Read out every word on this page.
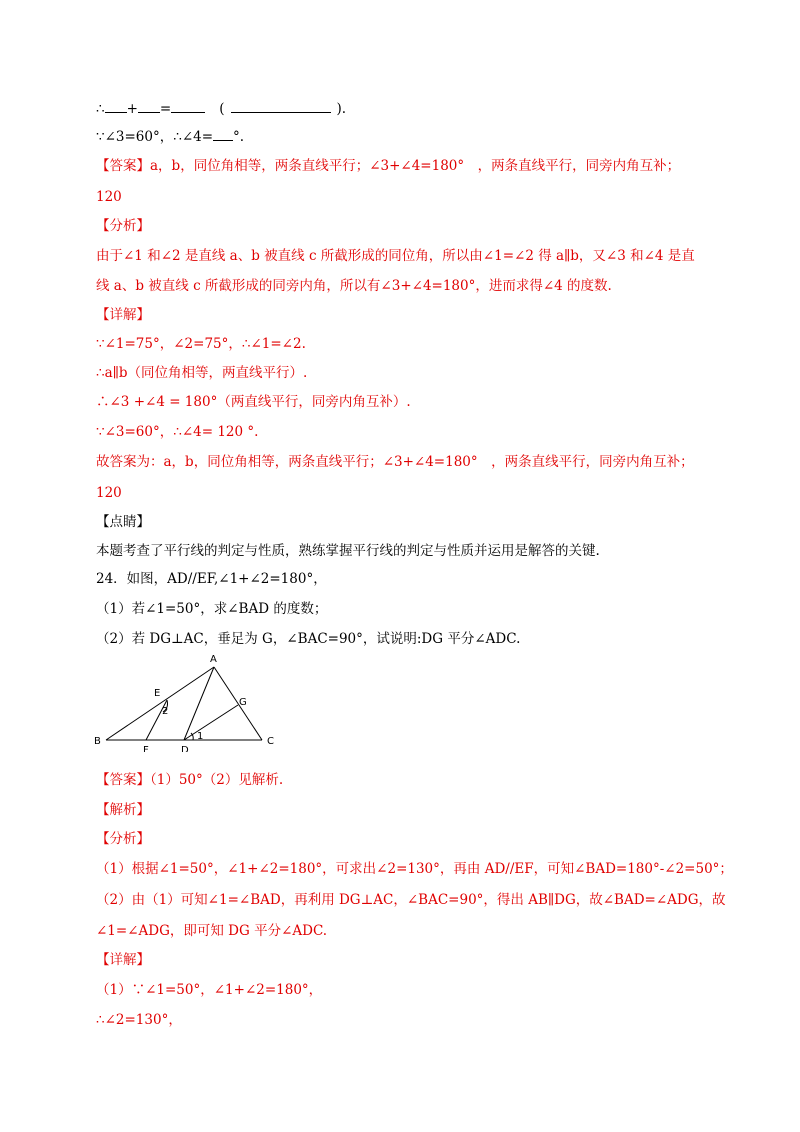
∴ + =	(	).
∵∠3=60°，∴∠4= °.
【答案】a，b，同位角相等，两条直线平行；∠3+∠4=180°　，两条直线平行，同旁内角互补；
120
【分析】
由于∠1 和∠2 是直线 a、b 被直线 c 所截形成的同位角，所以由∠1=∠2 得 a∥b，又∠3 和∠4 是直
线 a、b 被直线 c 所截形成的同旁内角，所以有∠3+∠4=180°，进而求得∠4 的度数.
【详解】
∵∠1=75°，∠2=75°，∴∠1=∠2.
∴a∥b（同位角相等，两直线平行）.
∴∠3 +∠4 = 180°（两直线平行，同旁内角互补）.
∵∠3=60°，∴∠4= 120 °.
故答案为：a，b，同位角相等，两条直线平行；∠3+∠4=180°　，两条直线平行，同旁内角互补；
120
【点睛】
本题考查了平行线的判定与性质，熟练掌握平行线的判定与性质并运用是解答的关键.
24．如图，AD//EF,∠1+∠2=180°，
（1）若∠1=50°，求∠BAD 的度数；
（2）若 DG⊥AC，垂足为 G，∠BAC=90°，试说明:DG 平分∠ADC.
A
B	C
D
E
F
G
1
2
【答案】（1）50°（2）见解析.
【解析】
【分析】
（1）根据∠1=50°，∠1+∠2=180°，可求出∠2=130°，再由 AD//EF，可知∠BAD=180°-∠2=50°；
（2）由（1）可知∠1=∠BAD，再利用 DG⊥AC，∠BAC=90°，得出 AB∥DG，故∠BAD=∠ADG，故
∠1=∠ADG，即可知 DG 平分∠ADC.
【详解】
（1）∵∠1=50°，∠1+∠2=180°，
∴∠2=130°，
